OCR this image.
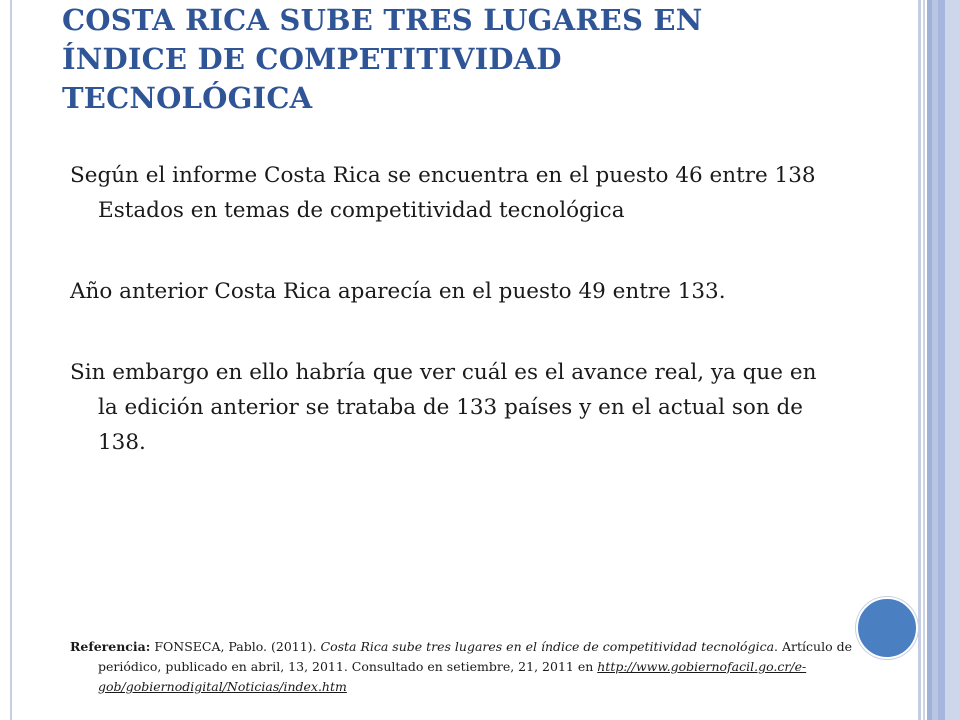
COSTA RICA SUBE TRES LUGARES EN ÍNDICE DE COMPETITIVIDAD TECNOLÓGICA

Según el informe Costa Rica se encuentra en el puesto 46 entre 138 Estados en temas de competitividad tecnológica

Año anterior Costa Rica aparecía en el puesto 49 entre 133.

Sin embargo en ello habría que ver cuál es el avance real, ya que en la edición anterior se trataba de 133 países y en el actual son de 138.

Referencia: FONSECA, Pablo. (2011). Costa Rica sube tres lugares en el índice de competitividad tecnológica. Artículo de periódico, publicado en abril, 13, 2011. Consultado en setiembre, 21, 2011 en http://www.gobiernofacil.go.cr/e-gob/gobiernodigital/Noticias/index.htm
